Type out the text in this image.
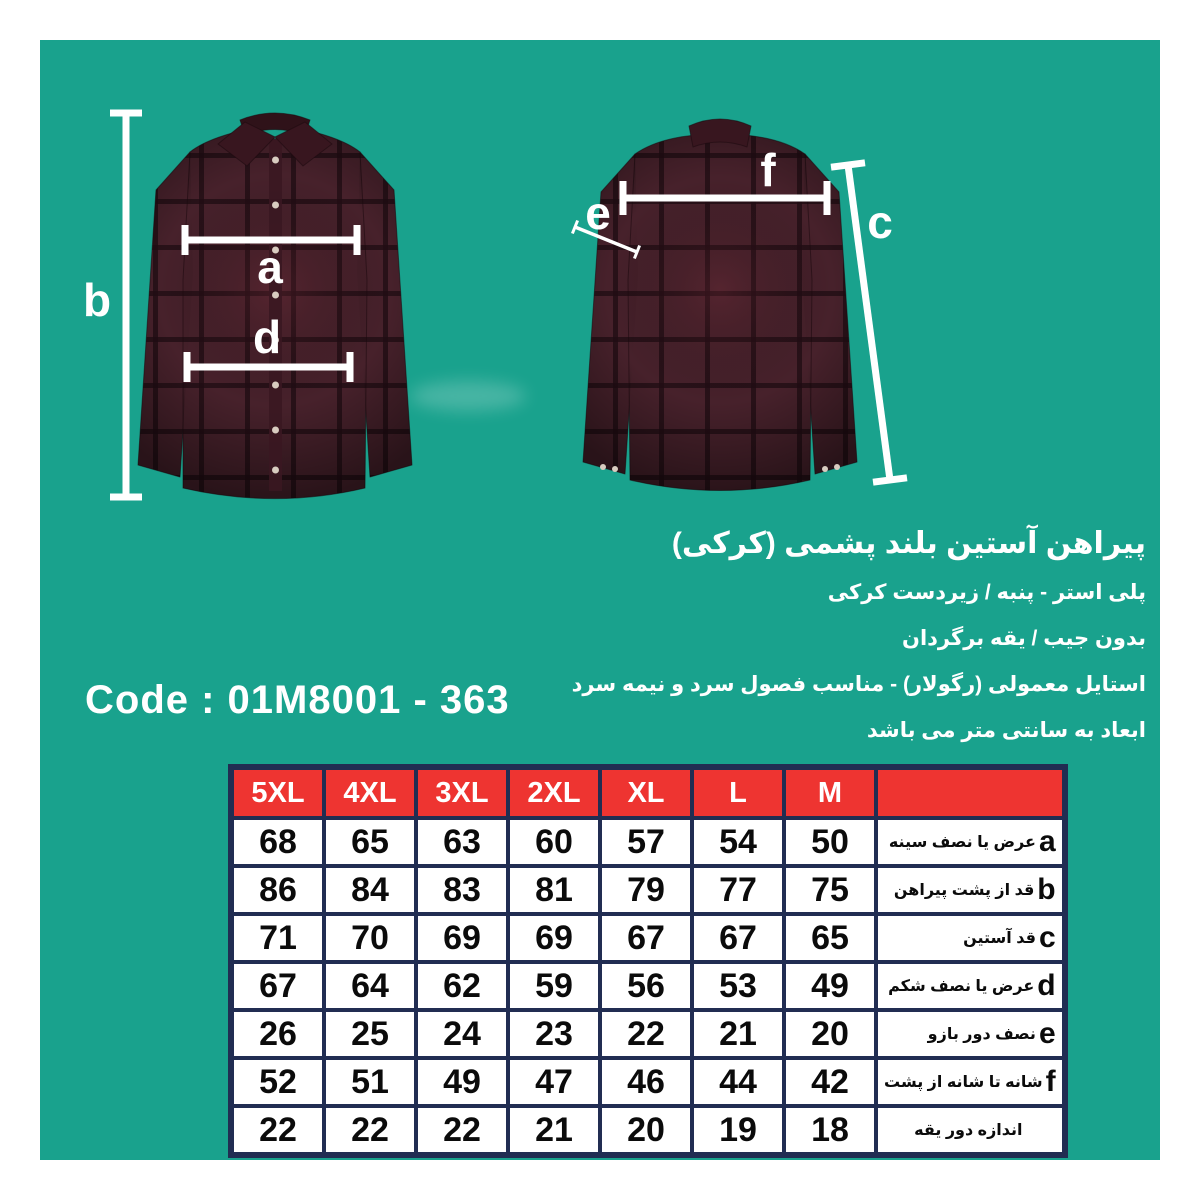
b
a
d
f
e	c

پیراهن آستین بلند پشمی (کرکی)

پلی استر - پنبه / زیردست کرکی

بدون جیب / یقه برگردان

استایل معمولی (رگولار) - مناسب فصول سرد و نیمه سرد

ابعاد به سانتی متر می باشد

Code : 01M8001 - 363
5XL	4XL	3XL	2XL	XL	L	M	
68	65	63	60	57	54	50	a
عرض یا نصف سینه

86	84	83	81	79	77	75	b
قد از پشت پیراهن

71	70	69	69	67	67	65	c
قد آستین

67	64	62	59	56	53	49	d
عرض یا نصف شکم

26	25	24	23	22	21	20	e
نصف دور بازو

52	51	49	47	46	44	42	f
شانه تا شانه از پشت

22	22	22	21	20	19	18	اندازه دور یقه
